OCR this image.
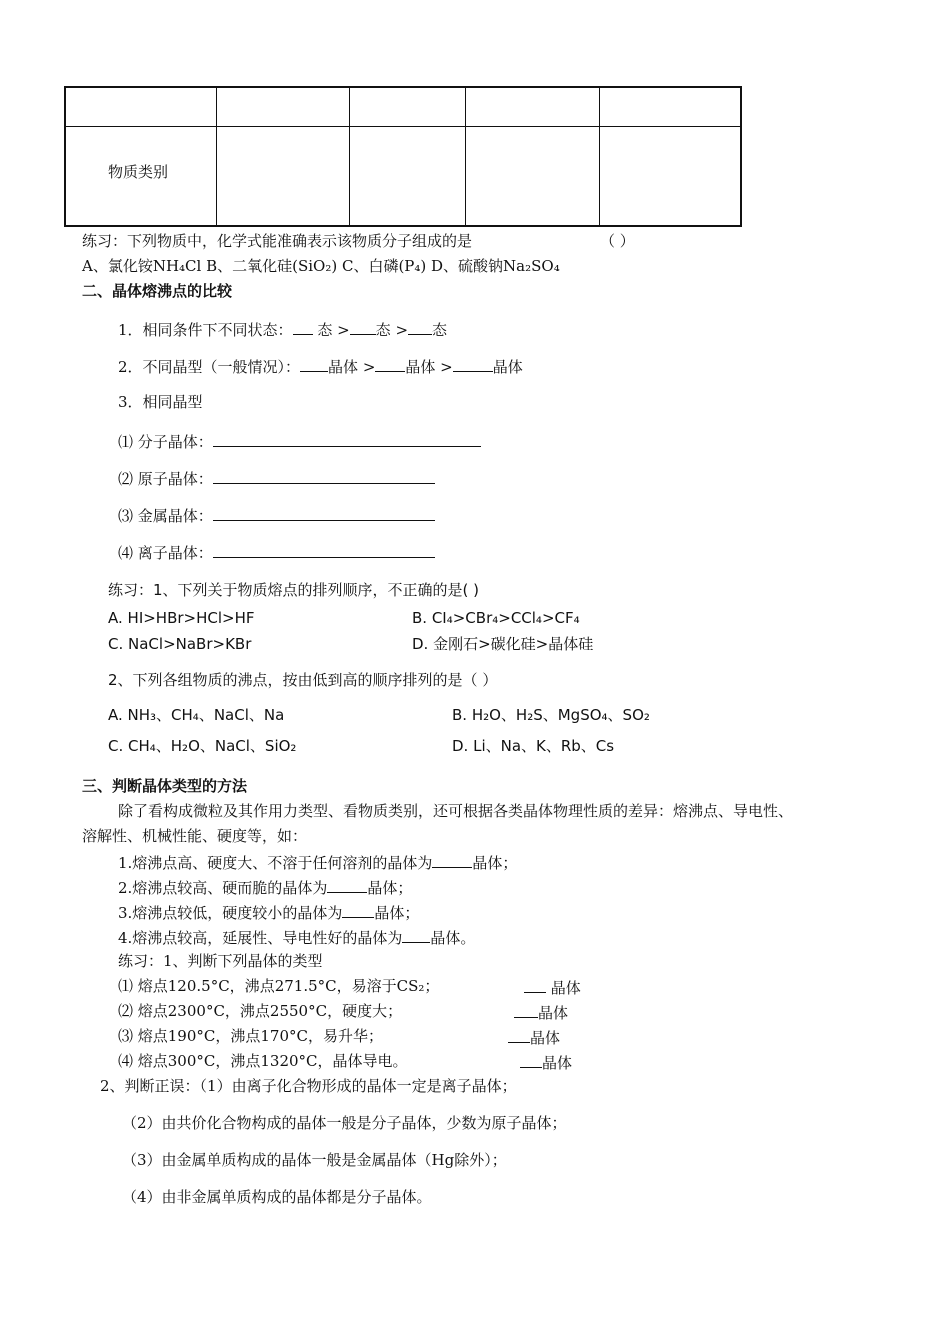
物质类别				

练习：下列物质中，化学式能准确表示该物质分子组成的是	（ ）
A、氯化铵NH₄Cl B、二氧化硅(SiO₂) C、白磷(P₄) D、硫酸钠Na₂SO₄
二、晶体熔沸点的比较
1．相同条件下不同状态： 态 > 态 > 态
2．不同晶型（一般情况）： 晶体 > 晶体 >	晶体
3．相同晶型
⑴ 分子晶体：
⑵ 原子晶体：
⑶ 金属晶体：
⑷ 离子晶体：
练习：1、下列关于物质熔点的排列顺序，不正确的是( )
A. HI>HBr>HCl>HF	B. CI₄>CBr₄>CCl₄>CF₄
C. NaCl>NaBr>KBr	D. 金刚石>碳化硅>晶体硅
2、下列各组物质的沸点，按由低到高的顺序排列的是（ ）
A. NH₃、CH₄、NaCl、Na	B. H₂O、H₂S、MgSO₄、SO₂
C. CH₄、H₂O、NaCl、SiO₂	D. Li、Na、K、Rb、Cs
三、判断晶体类型的方法
除了看构成微粒及其作用力类型、看物质类别，还可根据各类晶体物理性质的差异：熔沸点、导电性、
溶解性、机械性能、硬度等，如：
1.熔沸点高、硬度大、不溶于任何溶剂的晶体为	晶体；
2.熔沸点较高、硬而脆的晶体为	晶体；
3.熔沸点较低，硬度较小的晶体为 晶体；
4.熔沸点较高，延展性、导电性好的晶体为 晶体。
练习：1、判断下列晶体的类型
⑴ 熔点120.5°C，沸点271.5°C，易溶于CS₂；	晶体
⑵ 熔点2300°C，沸点2550°C，硬度大；	晶体
⑶ 熔点190°C，沸点170°C，易升华；	晶体
⑷ 熔点300°C，沸点1320°C，晶体导电。	晶体
2、判断正误：（1）由离子化合物形成的晶体一定是离子晶体；
（2）由共价化合物构成的晶体一般是分子晶体，少数为原子晶体；
（3）由金属单质构成的晶体一般是金属晶体（Hg除外）；
（4）由非金属单质构成的晶体都是分子晶体。
